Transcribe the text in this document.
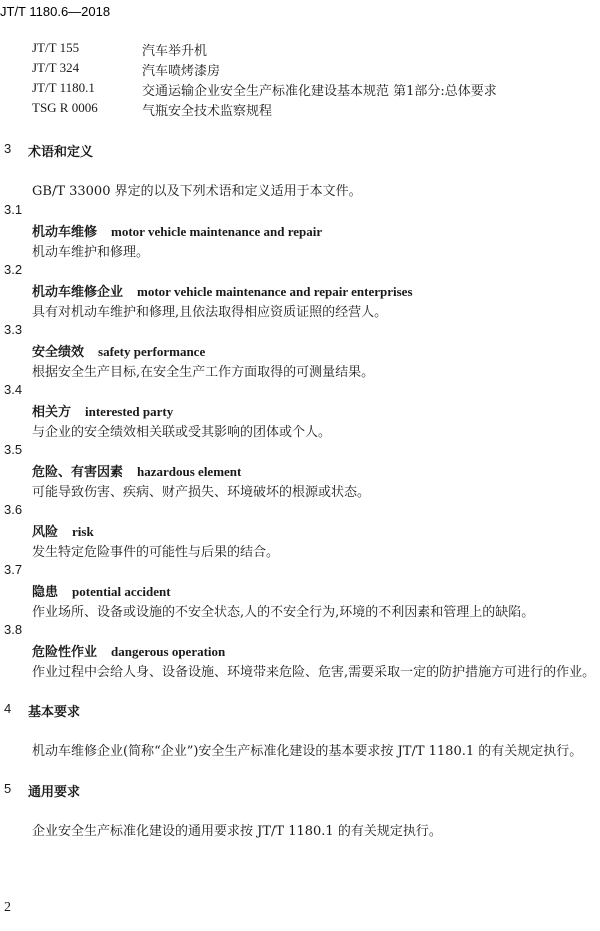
JT/T 1180.6—2018
JT/T 155	汽车举升机
JT/T 324	汽车喷烤漆房
JT/T 1180.1	交通运输企业安全生产标准化建设基本规范 第1部分:总体要求
TSG R 0006	气瓶安全技术监察规程
3 术语和定义
GB/T 33000 界定的以及下列术语和定义适用于本文件。
3.1
机动车维修 motor vehicle maintenance and repair
机动车维护和修理。
3.2
机动车维修企业 motor vehicle maintenance and repair enterprises
具有对机动车维护和修理,且依法取得相应资质证照的经营人。
3.3
安全绩效 safety performance
根据安全生产目标,在安全生产工作方面取得的可测量结果。
3.4
相关方 interested party
与企业的安全绩效相关联或受其影响的团体或个人。
3.5
危险、有害因素 hazardous element
可能导致伤害、疾病、财产损失、环境破坏的根源或状态。
3.6
风险 risk
发生特定危险事件的可能性与后果的结合。
3.7
隐患 potential accident
作业场所、设备或设施的不安全状态,人的不安全行为,环境的不利因素和管理上的缺陷。
3.8
危险性作业 dangerous operation
作业过程中会给人身、设备设施、环境带来危险、危害,需要采取一定的防护措施方可进行的作业。
4 基本要求
机动车维修企业(简称“企业”)安全生产标准化建设的基本要求按 JT/T 1180.1 的有关规定执行。
5 通用要求
企业安全生产标准化建设的通用要求按 JT/T 1180.1 的有关规定执行。
2
